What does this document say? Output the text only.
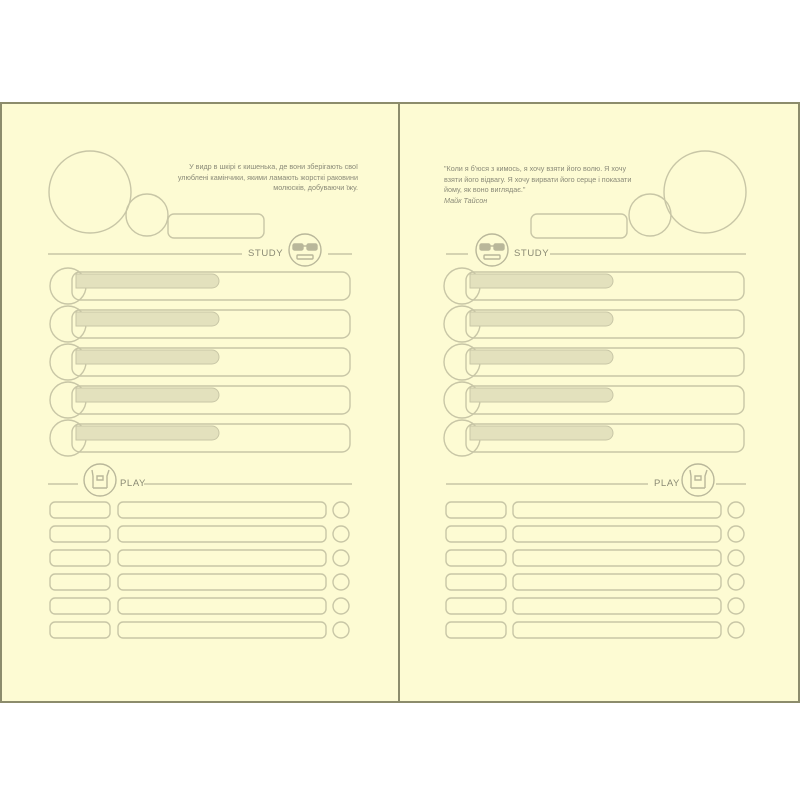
У видр в шкірі є кишенька, де вони зберігають свої улюблені камінчики, якими ламають жорсткі раковини молюсків, добуваючи їжу.
STUDY
PLAY
"Коли я б'юся з кимось, я хочу взяти його волю. Я хочу взяти його відвагу. Я хочу вирвати його серце і показати йому, як воно виглядає."
Майк Тайсон
STUDY
PLAY
